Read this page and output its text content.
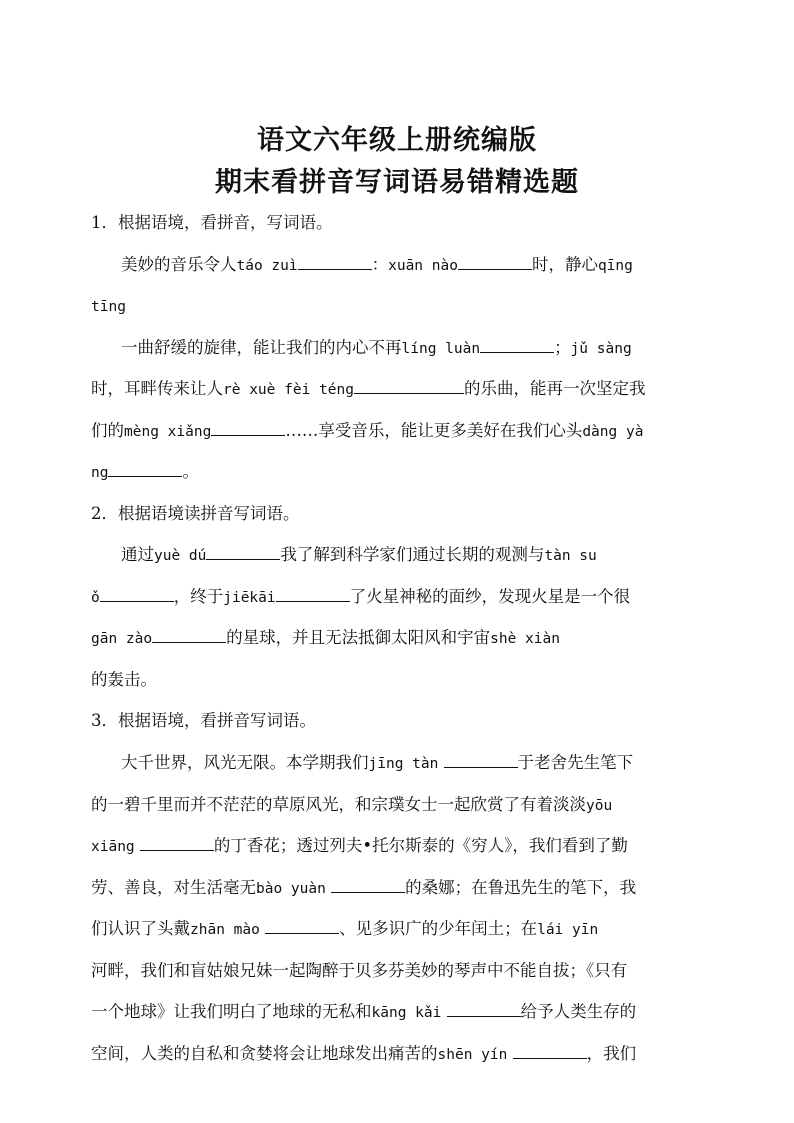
语文六年级上册统编版
期末看拼音写词语易错精选题
1．根据语境，看拼音，写词语。
美妙的音乐令人táo zuì	：xuān nào	时，静心qīng
tīng
一曲舒缓的旋律，能让我们的内心不再líng luàn	；jǔ sàng
时，耳畔传来让人rè xuè fèi téng	的乐曲，能再一次坚定我
们的mèng xiǎng	……享受音乐，能让更多美好在我们心头dàng yà
ng	。
2．根据语境读拼音写词语。
通过yuè dú	我了解到科学家们通过长期的观测与tàn su
ǒ	，终于jiēkāi	了火星神秘的面纱，发现火星是一个很
gān zào	的星球，并且无法抵御太阳风和宇宙shè xiàn
的轰击。
3．根据语境，看拼音写词语。
大千世界，风光无限。本学期我们jīng tàn	于老舍先生笔下
的一碧千里而并不茫茫的草原风光，和宗璞女士一起欣赏了有着淡淡yōu
xiāng	的丁香花；透过列夫•托尔斯泰的《穷人》，我们看到了勤
劳、善良，对生活毫无bào yuàn	的桑娜；在鲁迅先生的笔下，我
们认识了头戴zhān mào	、见多识广的少年闰土；在lái yīn
河畔，我们和盲姑娘兄妹一起陶醉于贝多芬美妙的琴声中不能自拔；《只有
一个地球》让我们明白了地球的无私和kāng kǎi	给予人类生存的
空间，人类的自私和贪婪将会让地球发出痛苦的shēn yín	，我们
